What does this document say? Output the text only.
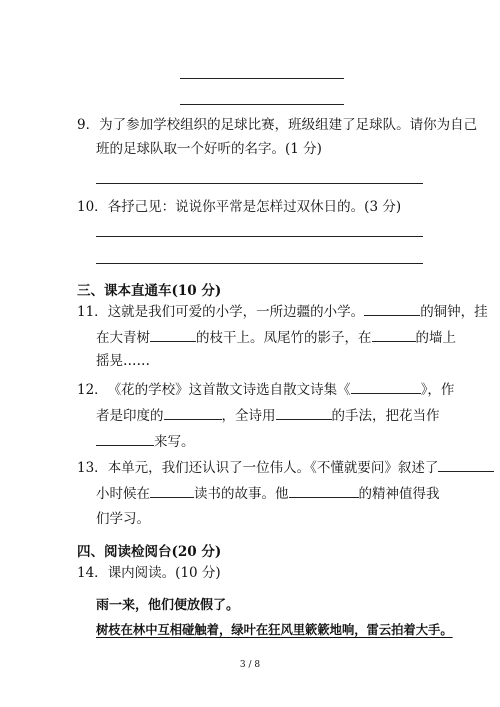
9．为了参加学校组织的足球比赛，班级组建了足球队。请你为自己
班的足球队取一个好听的名字。(1 分)
10．各抒己见：说说你平常是怎样过双休日的。(3 分)
三、课本直通车(10 分)
11．这就是我们可爱的小学，一所边疆的小学。	的铜钟，挂
在大青树	的枝干上。凤尾竹的影子，在	的墙上
摇晃……
12．《花的学校》这首散文诗选自散文诗集《	》，作
者是印度的	，全诗用	的手法，把花当作
来写。
13．本单元，我们还认识了一位伟人。《不懂就要问》叙述了
小时候在	读书的故事。他	的精神值得我
们学习。
四、阅读检阅台(20 分)
14．课内阅读。(10 分)
雨一来，他们便放假了。
树枝在林中互相碰触着，绿叶在狂风里簌簌地响，雷云拍着大手。
3 / 8
